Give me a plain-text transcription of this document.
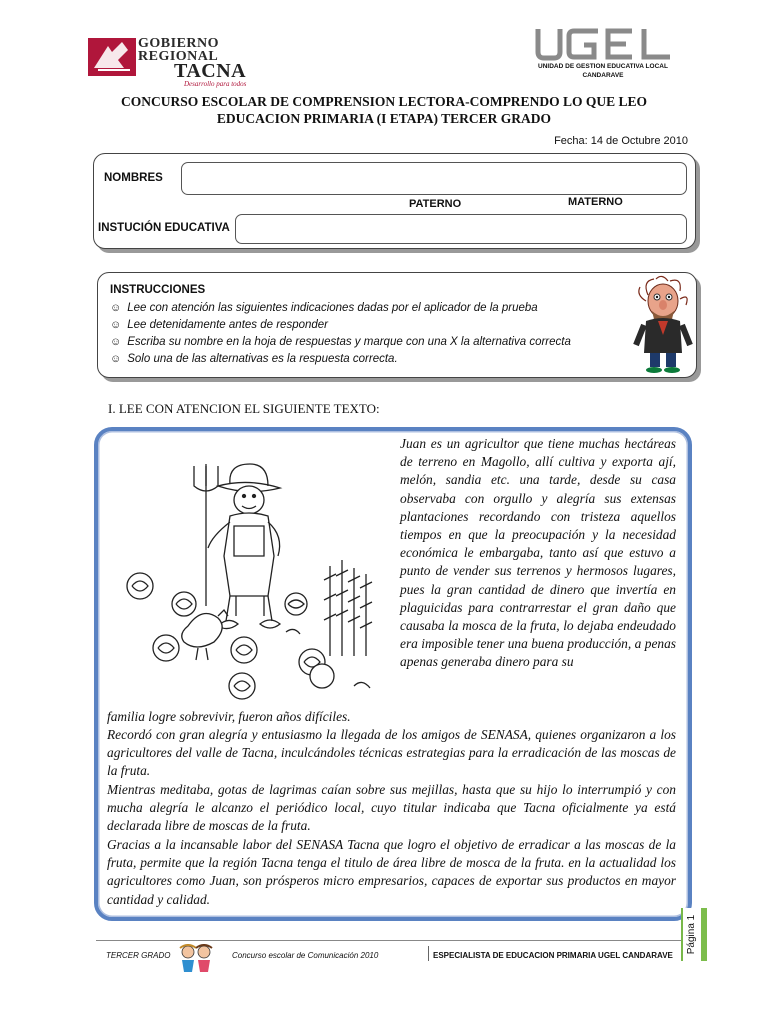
GOBIERNO
REGIONAL
TACNA
Desarrollo para todos
UNIDAD DE GESTION EDUCATIVA LOCAL
CANDARAVE
CONCURSO ESCOLAR DE COMPRENSION LECTORA-COMPRENDO LO QUE LEO
EDUCACION PRIMARIA (I ETAPA) TERCER GRADO
Fecha: 14 de Octubre 2010
NOMBRES
PATERNO	MATERNO
INSTUCIÓN EDUCATIVA
INSTRUCCIONES
☺ Lee con atención las siguientes indicaciones dadas por el aplicador de la prueba
☺ Lee detenidamente antes de responder
☺ Escriba su nombre en la hoja de respuestas y marque con una X la alternativa correcta
☺ Solo una de las alternativas es la respuesta correcta.
I. LEE CON ATENCION EL SIGUIENTE TEXTO:
Juan es un agricultor que tiene muchas hectáreas de terreno en Magollo, allí cultiva y exporta ají, melón, sandia etc. una tarde, desde su casa observaba con orgullo y alegría sus extensas plantaciones recordando con tristeza aquellos tiempos en que la preocupación y la necesidad económica le embargaba, tanto así que estuvo a punto de vender sus terrenos y hermosos lugares, pues la gran cantidad de dinero que invertía en plaguicidas para contrarrestar el gran daño que causaba la mosca de la fruta, lo dejaba endeudado era imposible tener una buena producción, a penas apenas generaba dinero para su
familia logre sobrevivir, fueron años difíciles.
Recordó con gran alegría y entusiasmo la llegada de los amigos de SENASA, quienes organizaron a los agricultores del valle de Tacna, inculcándoles técnicas estrategias para la erradicación de las moscas de la fruta.
Mientras meditaba, gotas de lagrimas caían sobre sus mejillas, hasta que su hijo lo interrumpió y con mucha alegría le alcanzo el periódico local, cuyo titular indicaba que Tacna oficialmente ya está declarada libre de moscas de la fruta.
Gracias a la incansable labor del SENASA Tacna que logro el objetivo de erradicar a las moscas de la fruta, permite que la región Tacna tenga el titulo de área libre de mosca de la fruta. en la actualidad los agricultores como Juan, son prósperos micro empresarios, capaces de exportar sus productos en mayor cantidad y calidad.
TERCER GRADO	Concurso escolar de Comunicación 2010	ESPECIALISTA DE EDUCACION PRIMARIA UGEL CANDARAVE
Página 1
